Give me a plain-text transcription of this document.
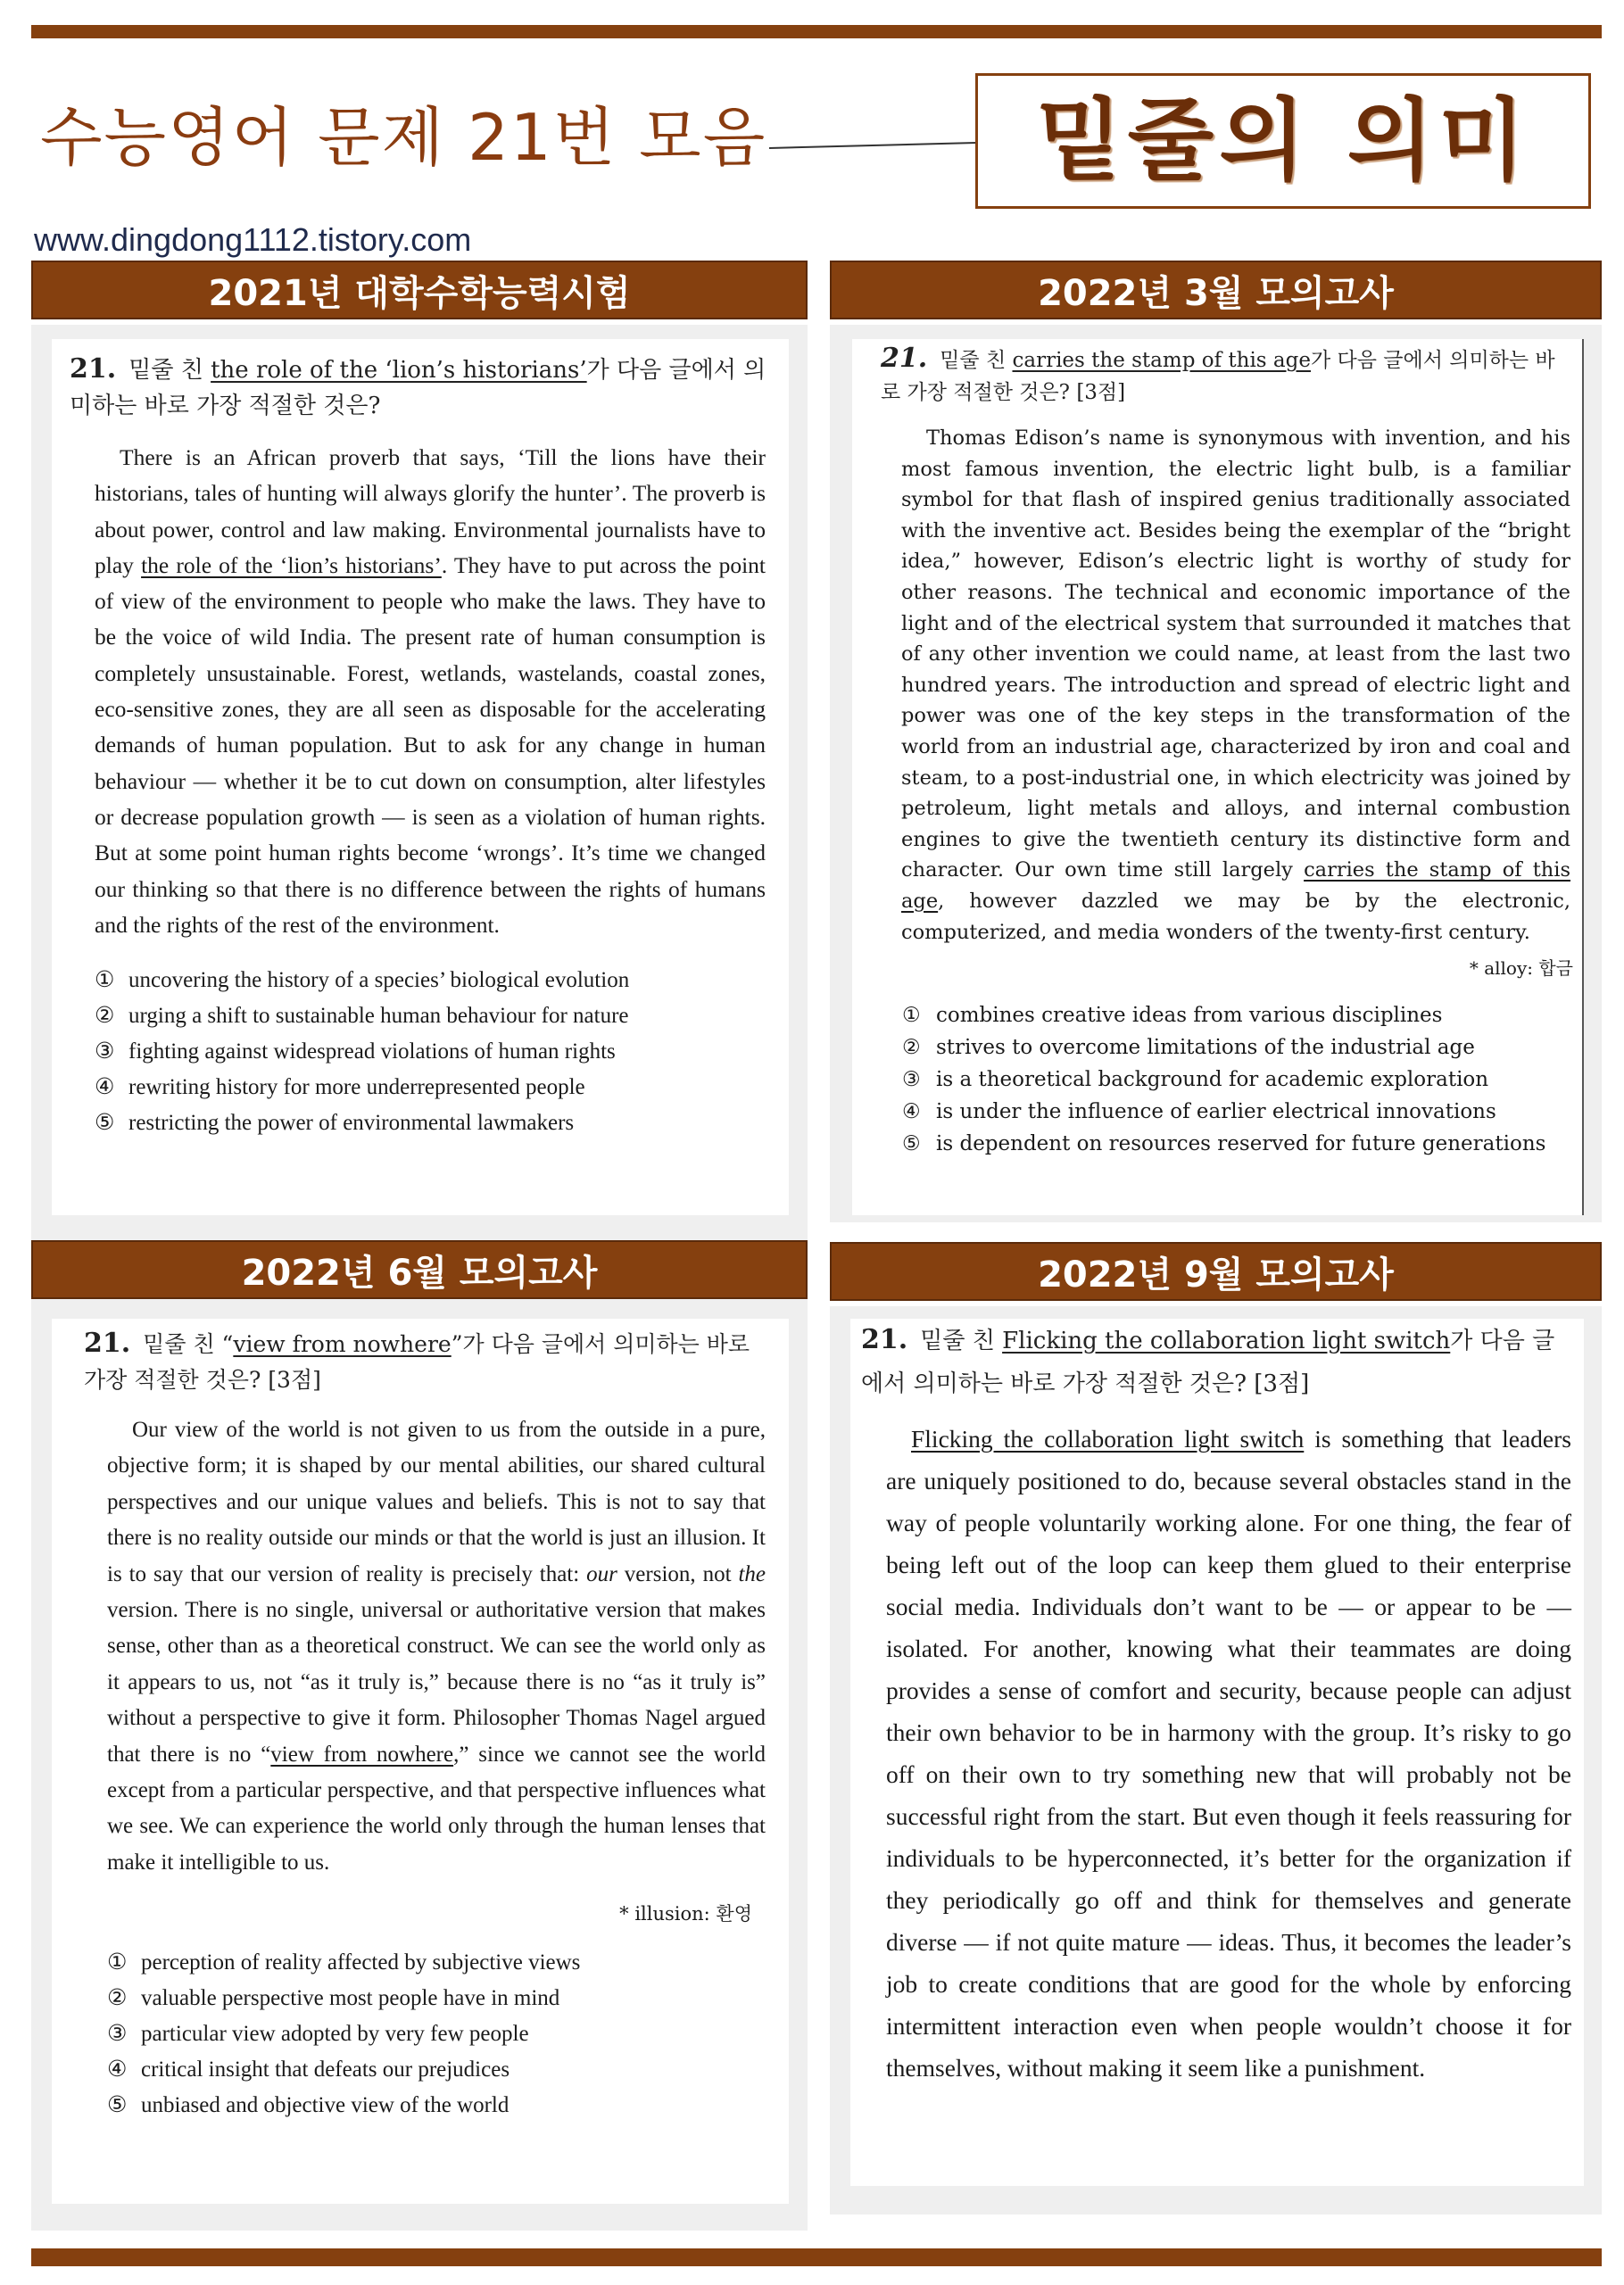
수능영어 문제 21번 모음	밑줄의 의미
www.dingdong1112.tistory.com
2021년 대학수학능력시험
21. 밑줄 친 the role of the ‘lion’s historians’가 다음 글에서 의미하는 바로 가장 적절한 것은?

There is an African proverb that says, ‘Till the lions have their historians, tales of hunting will always glorify the hunter’. The proverb is about power, control and law making. Environmental journalists have to play the role of the ‘lion’s historians’. They have to put across the point of view of the environment to people who make the laws. They have to be the voice of wild India. The present rate of human consumption is completely unsustainable. Forest, wetlands, wastelands, coastal zones, eco-sensitive zones, they are all seen as disposable for the accelerating demands of human population. But to ask for any change in human behaviour — whether it be to cut down on consumption, alter lifestyles or decrease population growth — is seen as a violation of human rights. But at some point human rights become ‘wrongs’. It’s time we changed our thinking so that there is no difference between the rights of humans and the rights of the rest of the environment.

① uncovering the history of a species’ biological evolution
② urging a shift to sustainable human behaviour for nature
③ fighting against widespread violations of human rights
④ rewriting history for more underrepresented people
⑤ restricting the power of environmental lawmakers
2022년 3월 모의고사
21. 밑줄 친 carries the stamp of this age가 다음 글에서 의미하는 바로 가장 적절한 것은? [3점]

Thomas Edison’s name is synonymous with invention, and his most famous invention, the electric light bulb, is a familiar symbol for that flash of inspired genius traditionally associated with the inventive act. Besides being the exemplar of the “bright idea,” however, Edison’s electric light is worthy of study for other reasons. The technical and economic importance of the light and of the electrical system that surrounded it matches that of any other invention we could name, at least from the last two hundred years. The introduction and spread of electric light and power was one of the key steps in the transformation of the world from an industrial age, characterized by iron and coal and steam, to a post-industrial one, in which electricity was joined by petroleum, light metals and alloys, and internal combustion engines to give the twentieth century its distinctive form and character. Our own time still largely carries the stamp of this age, however dazzled we may be by the electronic, computerized, and media wonders of the twenty-first century.

* alloy: 합금
① combines creative ideas from various disciplines
② strives to overcome limitations of the industrial age
③ is a theoretical background for academic exploration
④ is under the influence of earlier electrical innovations
⑤ is dependent on resources reserved for future generations
2022년 6월 모의고사
21. 밑줄 친 “view from nowhere”가 다음 글에서 의미하는 바로 가장 적절한 것은? [3점]

Our view of the world is not given to us from the outside in a pure, objective form; it is shaped by our mental abilities, our shared cultural perspectives and our unique values and beliefs. This is not to say that there is no reality outside our minds or that the world is just an illusion. It is to say that our version of reality is precisely that: our version, not the version. There is no single, universal or authoritative version that makes sense, other than as a theoretical construct. We can see the world only as it appears to us, not “as it truly is,” because there is no “as it truly is” without a perspective to give it form. Philosopher Thomas Nagel argued that there is no “view from nowhere,” since we cannot see the world except from a particular perspective, and that perspective influences what we see. We can experience the world only through the human lenses that make it intelligible to us.

* illusion: 환영
① perception of reality affected by subjective views
② valuable perspective most people have in mind
③ particular view adopted by very few people
④ critical insight that defeats our prejudices
⑤ unbiased and objective view of the world
2022년 9월 모의고사
21. 밑줄 친 Flicking the collaboration light switch가 다음 글에서 의미하는 바로 가장 적절한 것은? [3점]

Flicking the collaboration light switch is something that leaders are uniquely positioned to do, because several obstacles stand in the way of people voluntarily working alone. For one thing, the fear of being left out of the loop can keep them glued to their enterprise social media. Individuals don’t want to be — or appear to be — isolated. For another, knowing what their teammates are doing provides a sense of comfort and security, because people can adjust their own behavior to be in harmony with the group. It’s risky to go off on their own to try something new that will probably not be successful right from the start. But even though it feels reassuring for individuals to be hyperconnected, it’s better for the organization if they periodically go off and think for themselves and generate diverse — if not quite mature — ideas. Thus, it becomes the leader’s job to create conditions that are good for the whole by enforcing intermittent interaction even when people wouldn’t choose it for themselves, without making it seem like a punishment.
